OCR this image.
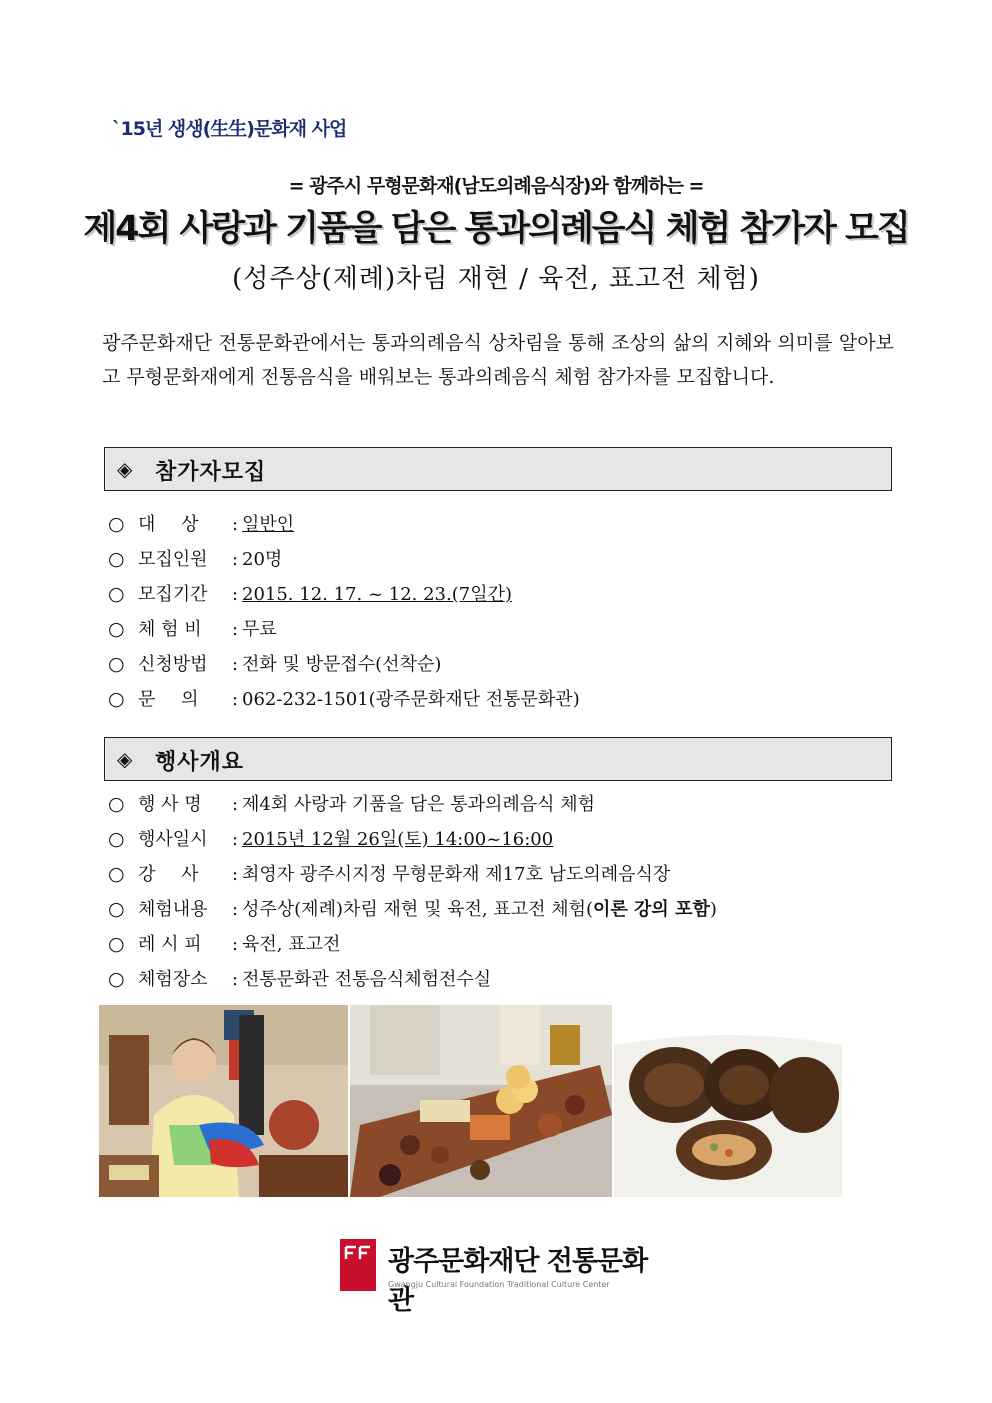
`15년 생생(生生)문화재 사업
= 광주시 무형문화재(남도의례음식장)와 함께하는 =
제4회 사랑과 기품을 담은 통과의례음식 체험 참가자 모집
(성주상(제례)차림 재현 / 육전, 표고전 체험)
광주문화재단 전통문화관에서는 통과의례음식 상차림을 통해 조상의 삶의 지혜와 의미를 알아보고 무형문화재에게 전통음식을 배워보는 통과의례음식 체험 참가자를 모집합니다.
◈ 참가자모집
○ 대 상 : 일반인
○ 모집인원 : 20명
○ 모집기간 : 2015. 12. 17. ~ 12. 23.(7일간)
○ 체 험 비 : 무료
○ 신청방법 : 전화 및 방문접수(선착순)
○ 문 의 : 062-232-1501(광주문화재단 전통문화관)
◈ 행사개요
○ 행 사 명 : 제4회 사랑과 기품을 담은 통과의례음식 체험
○ 행사일시 : 2015년 12월 26일(토) 14:00~16:00
○ 강 사 : 최영자 광주시지정 무형문화재 제17호 남도의례음식장
○ 체험내용 : 성주상(제례)차림 재현 및 육전, 표고전 체험(이론 강의 포함)
○ 레 시 피 : 육전, 표고전
○ 체험장소 : 전통문화관 전통음식체험전수실
광주문화재단 전통문화관
Gwangju Cultural Foundation Traditional Culture Center
